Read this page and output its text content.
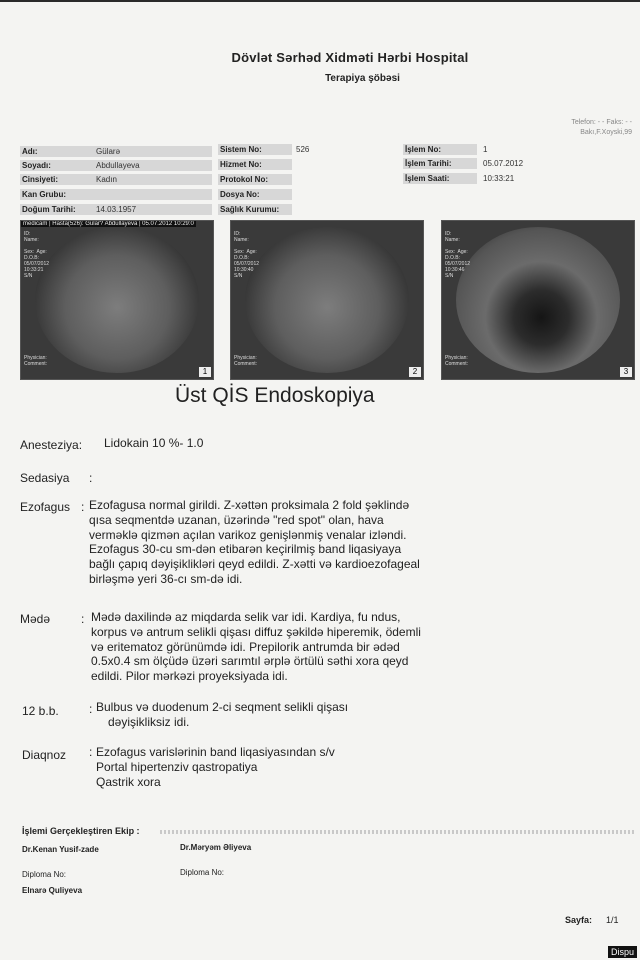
Dövlət Sərhəd Xidməti Hərbi Hospital
Terapiya şöbəsi
Telefon: - - Faks: - -
Bakı,F.Xoyski,99
Adı:	Gülarə
Soyadı:	Abdullayeva
Cinsiyeti:	Kadın
Kan Grubu:
Doğum Tarihi:	14.03.1957
Sistem No:	526
Hizmet No:
Protokol No:
Dosya No:
Sağlık Kurumu:
İşlem No:	1
İşlem Tarihi:	05.07.2012
İşlem Saati:	10:33:21
medicam | Hasta(526): Gular? Abdullayeva | 05.07.2012 10:29:0
ID:
Name:

Sex:  Age:
D.O.B:
05/07/2012
10:33:21
S/N
Physician:
Comment:
1
ID:
Name:

Sex:  Age:
D.O.B:
05/07/2012
10:30:40
S/N
Physician:
Comment:
2
ID:
Name:

Sex:  Age:
D.O.B:
05/07/2012
10:30:46
S/N
Physician:
Comment:
3
Üst QİS Endoskopiya
Anesteziya: Lidokain 10 %- 1.0
Sedasiya :
Ezofagus : Ezofagusa normal girildi. Z-xəttən proksimala 2 fold şəklində
qısa seqmentdə uzanan, üzərində "red spot" olan, hava
verməklə qizmən açılan varikoz genişlənmiş venalar izləndi.
Ezofagus 30-cu sm-dən etibarən keçirilmiş band liqasiyaya
bağlı çapıq dəyişiklikləri qeyd edildi. Z-xətti və kardioezofageal
birləşmə yeri 36-cı sm-də idi.
Mədə	: Mədə daxilində az miqdarda selik var idi. Kardiya, fu ndus,
korpus və antrum selikli qişası diffuz şəkildə hiperemik, ödemli
və eritematoz görünümdə idi. Prepilorik antrumda bir ədəd
0.5x0.4 sm ölçüdə üzəri sarımtıl ərplə örtülü səthi xora qeyd
edildi. Pilor mərkəzi proyeksiyada idi.
12 b.b.	: Bulbus və duodenum 2-ci seqment selikli qişası
dəyişikliksiz idi.
Diaqnoz : Ezofagus varislərinin band liqasiyasından s/v
Portal hipertenziv qastropatiya
Qastrik xora
İşlemi Gerçekleştiren Ekip :
Dr.Kenan Yusif-zade	Dr.Məryəm Əliyeva
Diploma No:	Diploma No:
Elnarə Quliyeva
Sayfa: 1/1
Dispu
